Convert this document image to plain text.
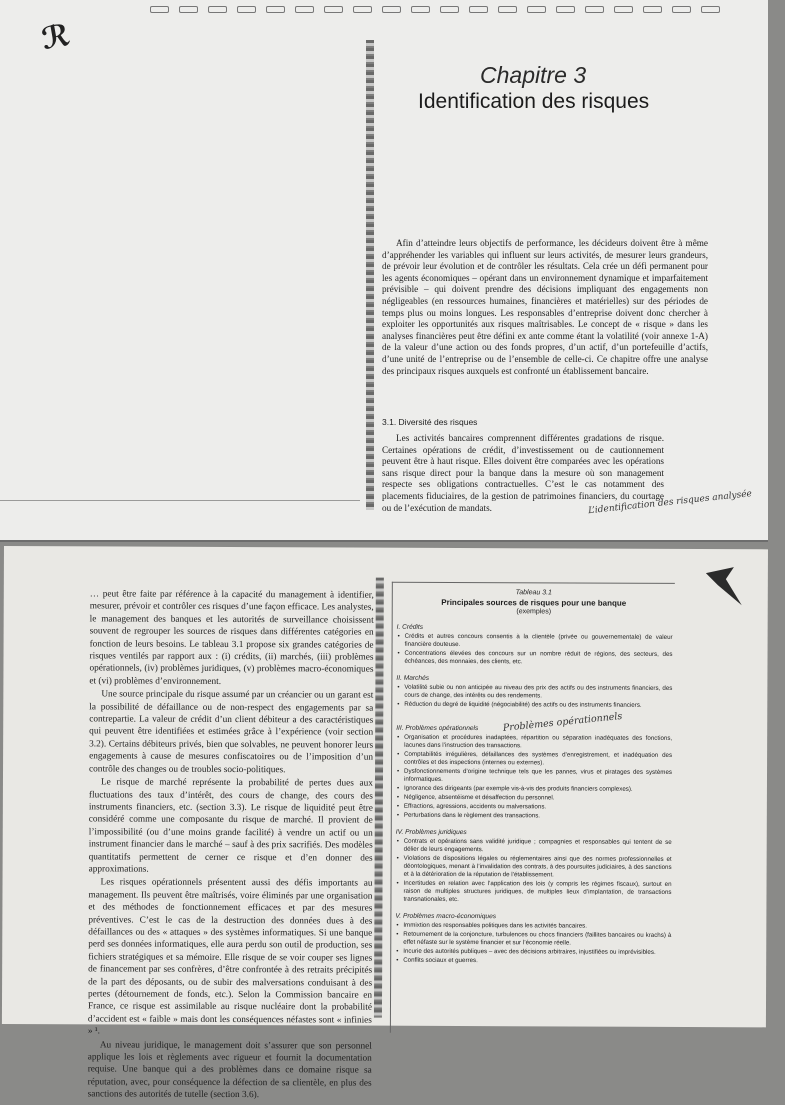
ℛ
Chapitre 3
Identification des risques

Afin d’atteindre leurs objectifs de performance, les décideurs doivent être à même d’appréhender les variables qui influent sur leurs activités, de mesurer leurs grandeurs, de prévoir leur évolution et de contrôler les résultats. Cela crée un défi permanent pour les agents économiques – opérant dans un environnement dynamique et imparfaitement prévisible – qui doivent prendre des décisions impliquant des engagements non négligeables (en ressources humaines, financières et matérielles) sur des périodes de temps plus ou moins longues. Les responsables d’entreprise doivent donc chercher à exploiter les opportunités aux risques maîtrisables. Le concept de « risque » dans les analyses financières peut être défini ex ante comme étant la volatilité (voir annexe 1-A) de la valeur d’une action ou des fonds propres, d’un actif, d’un portefeuille d’actifs, d’une unité de l’entreprise ou de l’ensemble de celle-ci. Ce chapitre offre une analyse des principaux risques auxquels est confronté un établissement bancaire.

3.1. Diversité des risques

Les activités bancaires comprennent différentes gradations de risque. Certaines opérations de crédit, d’investissement ou de cautionnement peuvent être à haut risque. Elles doivent être comparées avec les opérations sans risque direct pour la banque dans la mesure où son management respecte ses obligations contractuelles. C’est le cas notamment des placements fiduciaires, de la gestion de patrimoines financiers, du courtage ou de l’exécution de mandats.	L’identification des risques analysée

… peut être faite par référence à la capacité du management à identifier, mesurer, prévoir et contrôler ces risques d’une façon efficace. Les analystes, le management des banques et les autorités de surveillance choisissent souvent de regrouper les sources de risques dans différentes catégories en fonction de leurs besoins. Le tableau 3.1 propose six grandes catégories de risques ventilés par rapport aux : (i) crédits, (ii) marchés, (iii) problèmes opérationnels, (iv) problèmes juridiques, (v) problèmes macro-économiques et (vi) problèmes d’environnement.

Une source principale du risque assumé par un créancier ou un garant est la possibilité de défaillance ou de non-respect des engagements par sa contrepartie. La valeur de crédit d’un client débiteur a des caractéristiques qui peuvent être identifiées et estimées grâce à l’expérience (voir section 3.2). Certains débiteurs privés, bien que solvables, ne peuvent honorer leurs engagements à cause de mesures confiscatoires ou de l’imposition d’un contrôle des changes ou de troubles socio-politiques.

Le risque de marché représente la probabilité de pertes dues aux fluctuations des taux d’intérêt, des cours de change, des cours des instruments financiers, etc. (section 3.3). Le risque de liquidité peut être considéré comme une composante du risque de marché. Il provient de l’impossibilité (ou d’une moins grande facilité) à vendre un actif ou un instrument financier dans le marché – sauf à des prix sacrifiés. Des modèles quantitatifs permettent de cerner ce risque et d’en donner des approximations.

Les risques opérationnels présentent aussi des défis importants au management. Ils peuvent être maîtrisés, voire éliminés par une organisation et des méthodes de fonctionnement efficaces et par des mesures préventives. C’est le cas de la destruction des données dues à des défaillances ou des « attaques » des systèmes informatiques. Si une banque perd ses données informatiques, elle aura perdu son outil de production, ses fichiers stratégiques et sa mémoire. Elle risque de se voir couper ses lignes de financement par ses confrères, d’être confrontée à des retraits précipités de la part des déposants, ou de subir des malversations conduisant à des pertes (détournement de fonds, etc.). Selon la Commission bancaire en France, ce risque est assimilable au risque nucléaire dont la probabilité d’accident est « faible » mais dont les conséquences néfastes sont « infinies » ¹.

Au niveau juridique, le management doit s’assurer que son personnel applique les lois et règlements avec rigueur et fournit la documentation requise. Une banque qui a des problèmes dans ce domaine risque sa réputation, avec, pour conséquence la défection de sa clientèle, en plus des sanctions des autorités de tutelle (section 3.6).

Tableau 3.1
Principales sources de risques pour une banque
(exemples)
I. Crédits
• Crédits et autres concours consentis à la clientèle (privée ou gouvernementale) de valeur financière douteuse.
• Concentrations élevées des concours sur un nombre réduit de régions, des secteurs, des échéances, des monnaies, des clients, etc.
II. Marchés
• Volatilité subie ou non anticipée au niveau des prix des actifs ou des instruments financiers, des cours de change, des intérêts ou des rendements.
• Réduction du degré de liquidité (négociabilité) des actifs ou des instruments financiers.
Problèmes opérationnels
III. Problèmes opérationnels
• Organisation et procédures inadaptées, répartition ou séparation inadéquates des fonctions, lacunes dans l’instruction des transactions.
• Comptabilités irrégulières, défaillances des systèmes d’enregistrement, et inadéquation des contrôles et des inspections (internes ou externes).
• Dysfonctionnements d’origine technique tels que les pannes, virus et piratages des systèmes informatiques.
• Ignorance des dirigeants (par exemple vis-à-vis des produits financiers complexes).
• Négligence, absentéisme et désaffection du personnel.
• Effractions, agressions, accidents ou malversations.
• Perturbations dans le règlement des transactions.
IV. Problèmes juridiques
• Contrats et opérations sans validité juridique ; compagnies et responsables qui tentent de se délier de leurs engagements.
• Violations de dispositions légales ou réglementaires ainsi que des normes professionnelles et déontologiques, menant à l’invalidation des contrats, à des poursuites judiciaires, à des sanctions et à la détérioration de la réputation de l’établissement.
• Incertitudes en relation avec l’application des lois (y compris les régimes fiscaux), surtout en raison de multiples structures juridiques, de multiples lieux d’implantation, de transactions transnationales, etc.
V. Problèmes macro-économiques
• Immixtion des responsables politiques dans les activités bancaires.
• Retournement de la conjoncture, turbulences ou chocs financiers (faillites bancaires ou krachs) à effet néfaste sur le système financier et sur l’économie réelle.
• Incurie des autorités publiques – avec des décisions arbitraires, injustifiées ou imprévisibles.
• Conflits sociaux et guerres.
